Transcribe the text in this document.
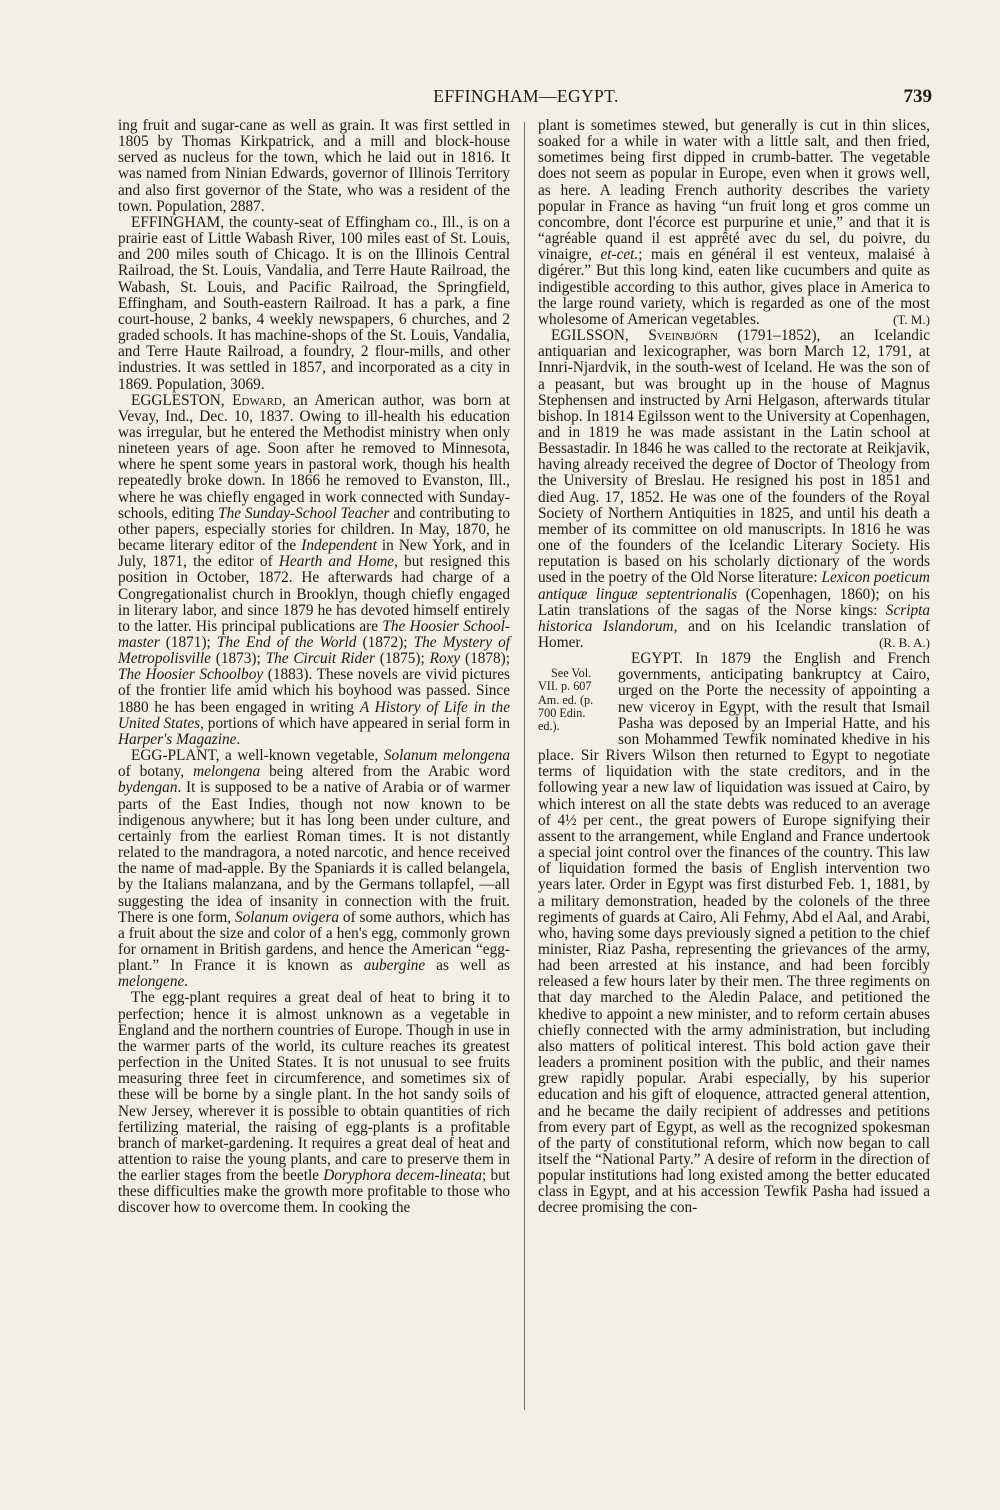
EFFINGHAM—EGYPT.	739

ing fruit and sugar-cane as well as grain. It was first settled in 1805 by Thomas Kirkpatrick, and a mill and block-house served as nucleus for the town, which he laid out in 1816. It was named from Ninian Edwards, governor of Illinois Territory and also first governor of the State, who was a resident of the town. Population, 2887.

EFFINGHAM, the county-seat of Effingham co., Ill., is on a prairie east of Little Wabash River, 100 miles east of St. Louis, and 200 miles south of Chicago. It is on the Illinois Central Railroad, the St. Louis, Vandalia, and Terre Haute Railroad, the Wabash, St. Louis, and Pacific Railroad, the Springfield, Effingham, and South-eastern Railroad. It has a park, a fine court-house, 2 banks, 4 weekly newspapers, 6 churches, and 2 graded schools. It has machine-shops of the St. Louis, Vandalia, and Terre Haute Railroad, a foundry, 2 flour-mills, and other industries. It was settled in 1857, and incorporated as a city in 1869. Population, 3069.

EGGLESTON, Edward, an American author, was born at Vevay, Ind., Dec. 10, 1837. Owing to ill-health his education was irregular, but he entered the Methodist ministry when only nineteen years of age. Soon after he removed to Minnesota, where he spent some years in pastoral work, though his health repeatedly broke down. In 1866 he removed to Evanston, Ill., where he was chiefly engaged in work connected with Sunday-schools, editing The Sunday-School Teacher and contributing to other papers, especially stories for children. In May, 1870, he became literary editor of the Independent in New York, and in July, 1871, the editor of Hearth and Home, but resigned this position in October, 1872. He afterwards had charge of a Congregationalist church in Brooklyn, though chiefly engaged in literary labor, and since 1879 he has devoted himself entirely to the latter. His principal publications are The Hoosier School-master (1871); The End of the World (1872); The Mystery of Metropolisville (1873); The Circuit Rider (1875); Roxy (1878); The Hoosier Schoolboy (1883). These novels are vivid pictures of the frontier life amid which his boyhood was passed. Since 1880 he has been engaged in writing A History of Life in the United States, portions of which have appeared in serial form in Harper's Magazine.

EGG-PLANT, a well-known vegetable, Solanum melongena of botany, melongena being altered from the Arabic word bydengan. It is supposed to be a native of Arabia or of warmer parts of the East Indies, though not now known to be indigenous anywhere; but it has long been under culture, and certainly from the earliest Roman times. It is not distantly related to the mandragora, a noted narcotic, and hence received the name of mad-apple. By the Spaniards it is called belangela, by the Italians malanzana, and by the Germans tollapfel, —all suggesting the idea of insanity in connection with the fruit. There is one form, Solanum ovigera of some authors, which has a fruit about the size and color of a hen's egg, commonly grown for ornament in British gardens, and hence the American “egg-plant.” In France it is known as aubergine as well as melongene.

The egg-plant requires a great deal of heat to bring it to perfection; hence it is almost unknown as a vegetable in England and the northern countries of Europe. Though in use in the warmer parts of the world, its culture reaches its greatest perfection in the United States. It is not unusual to see fruits measuring three feet in circumference, and sometimes six of these will be borne by a single plant. In the hot sandy soils of New Jersey, wherever it is possible to obtain quantities of rich fertilizing material, the raising of egg-plants is a profitable branch of market-gardening. It requires a great deal of heat and attention to raise the young plants, and care to preserve them in the earlier stages from the beetle Doryphora decem-lineata; but these difficulties make the growth more profitable to those who discover how to overcome them. In cooking the

plant is sometimes stewed, but generally is cut in thin slices, soaked for a while in water with a little salt, and then fried, sometimes being first dipped in crumb-batter. The vegetable does not seem as popular in Europe, even when it grows well, as here. A leading French authority describes the variety popular in France as having “un fruit long et gros comme un concombre, dont l'écorce est purpurine et unie,” and that it is “agréable quand il est apprêté avec du sel, du poivre, du vinaigre, et-cet.; mais en général il est venteux, malaisé à digérer.” But this long kind, eaten like cucumbers and quite as indigestible according to this author, gives place in America to the large round variety, which is regarded as one of the most wholesome of American vegetables.	(T. M.)

EGILSSON, Sveinbjörn (1791–1852), an Icelandic antiquarian and lexicographer, was born March 12, 1791, at Innri-Njardvik, in the south-west of Iceland. He was the son of a peasant, but was brought up in the house of Magnus Stephensen and instructed by Arni Helgason, afterwards titular bishop. In 1814 Egilsson went to the University at Copenhagen, and in 1819 he was made assistant in the Latin school at Bessastadir. In 1846 he was called to the rectorate at Reikjavik, having already received the degree of Doctor of Theology from the University of Breslau. He resigned his post in 1851 and died Aug. 17, 1852. He was one of the founders of the Royal Society of Northern Antiquities in 1825, and until his death a member of its committee on old manuscripts. In 1816 he was one of the founders of the Icelandic Literary Society. His reputation is based on his scholarly dictionary of the words used in the poetry of the Old Norse literature: Lexicon poeticum antiquæ linguæ septentrionalis (Copenhagen, 1860); on his Latin translations of the sagas of the Norse kings: Scripta historica Islandorum, and on his Icelandic translation of Homer.	(R. B. A.)

See Vol. VII. p. 607 Am. ed. (p. 700 Edin. ed.).
EGYPT. In 1879 the English and French governments, anticipating bankruptcy at Cairo, urged on the Porte the necessity of appointing a new viceroy in Egypt, with the result that Ismail Pasha was deposed by an Imperial Hatte, and his son Mohammed Tewfik nominated khedive in his place. Sir Rivers Wilson then returned to Egypt to negotiate terms of liquidation with the state creditors, and in the following year a new law of liquidation was issued at Cairo, by which interest on all the state debts was reduced to an average of 4½ per cent., the great powers of Europe signifying their assent to the arrangement, while England and France undertook a special joint control over the finances of the country. This law of liquidation formed the basis of English intervention two years later. Order in Egypt was first disturbed Feb. 1, 1881, by a military demonstration, headed by the colonels of the three regiments of guards at Cairo, Ali Fehmy, Abd el Aal, and Arabi, who, having some days previously signed a petition to the chief minister, Riaz Pasha, representing the grievances of the army, had been arrested at his instance, and had been forcibly released a few hours later by their men. The three regiments on that day marched to the Aledin Palace, and petitioned the khedive to appoint a new minister, and to reform certain abuses chiefly connected with the army administration, but including also matters of political interest. This bold action gave their leaders a prominent position with the public, and their names grew rapidly popular. Arabi especially, by his superior education and his gift of eloquence, attracted general attention, and he became the daily recipient of addresses and petitions from every part of Egypt, as well as the recognized spokesman of the party of constitutional reform, which now began to call itself the “National Party.” A desire of reform in the direction of popular institutions had long existed among the better educated class in Egypt, and at his accession Tewfik Pasha had issued a decree promising the con-
